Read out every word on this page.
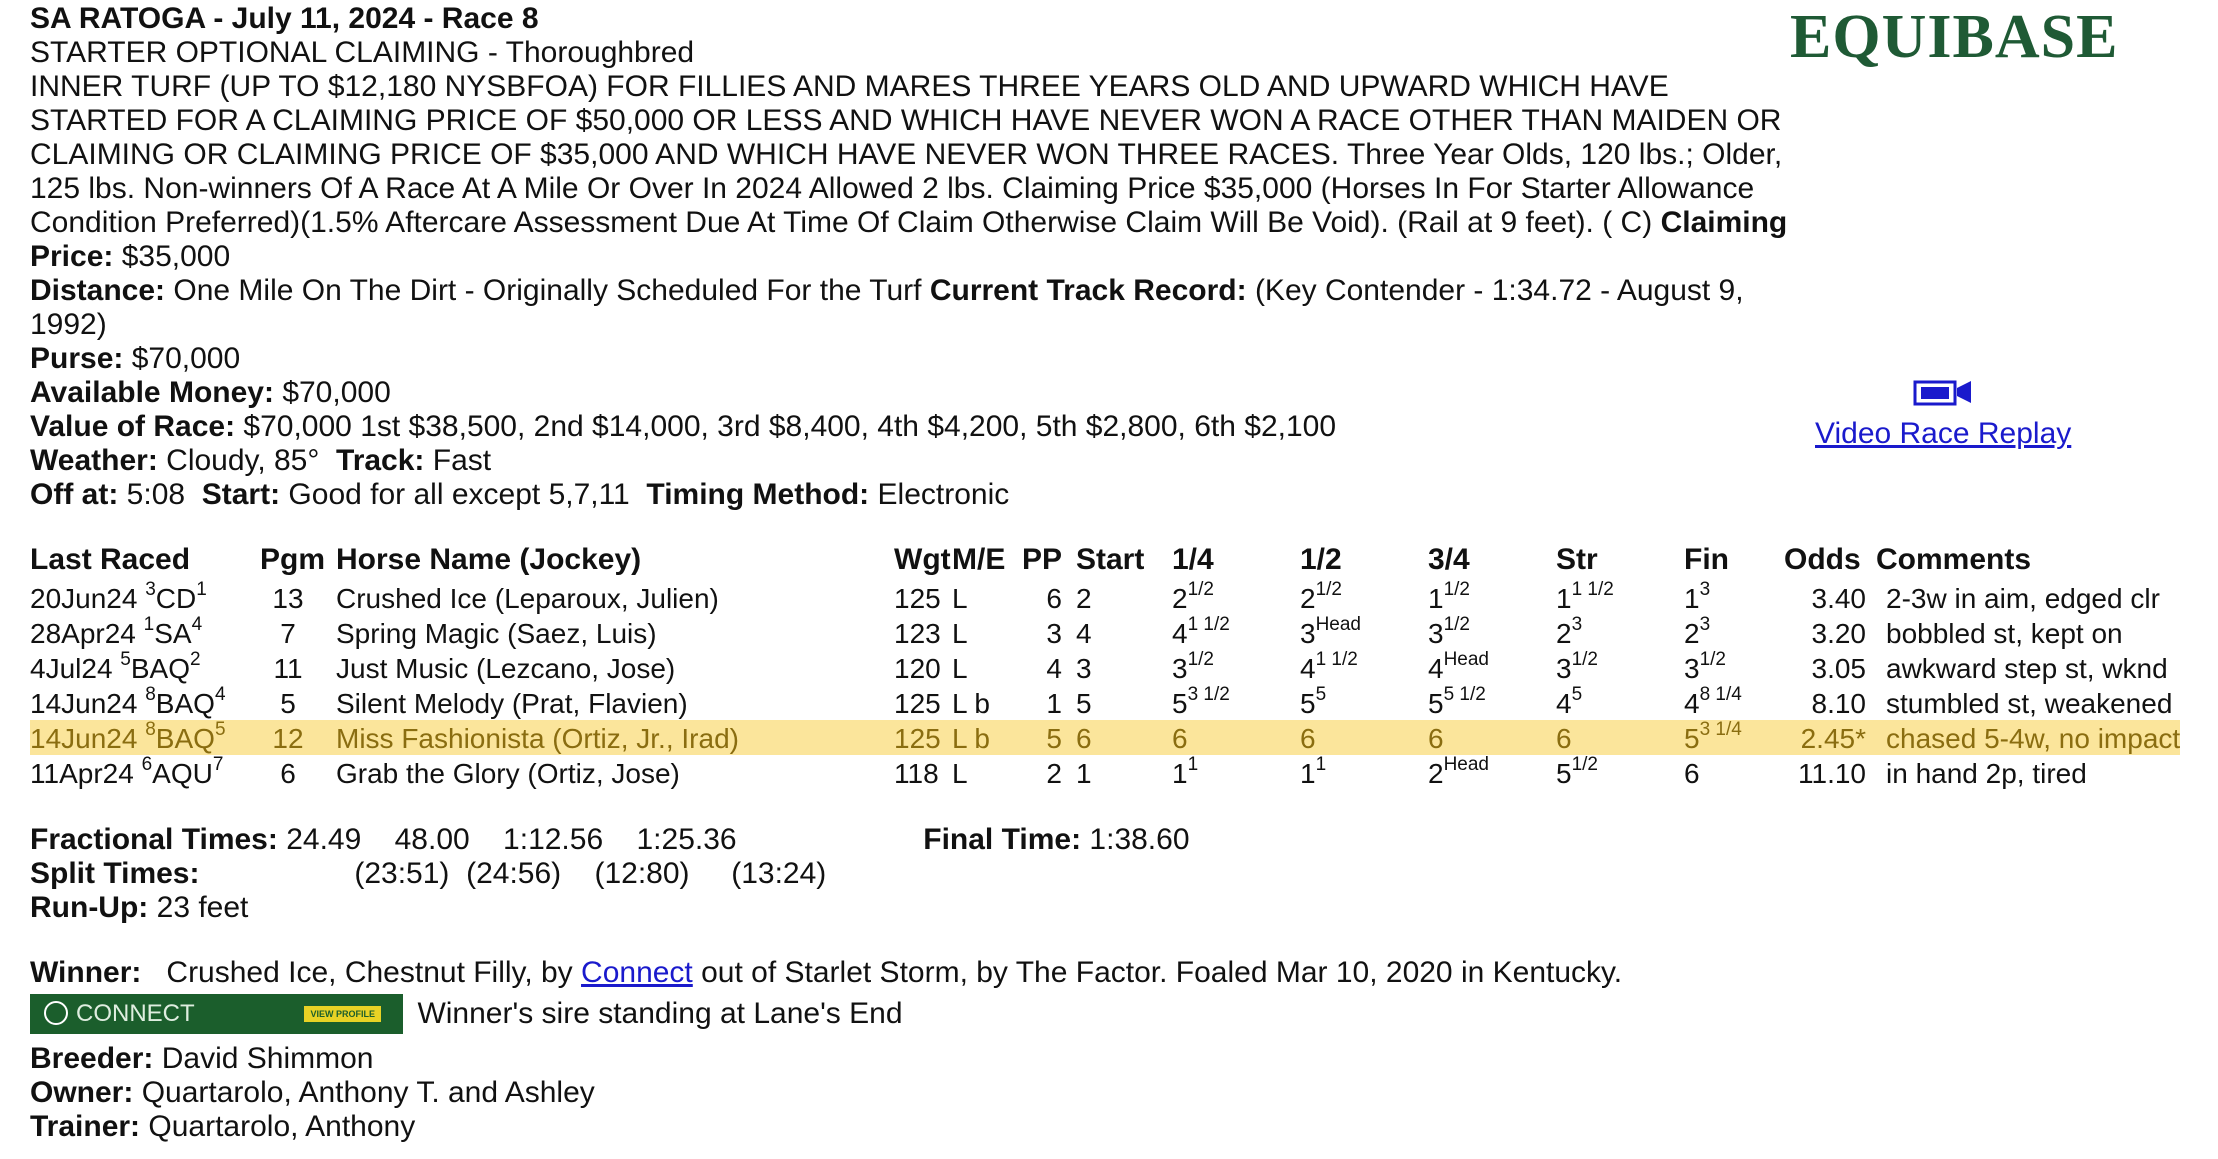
EQUIBASE
SA RATOGA - July 11, 2024 - Race 8
STARTER OPTIONAL CLAIMING - Thoroughbred
INNER TURF (UP TO $12,180 NYSBFOA) FOR FILLIES AND MARES THREE YEARS OLD AND UPWARD WHICH HAVE STARTED FOR A CLAIMING PRICE OF $50,000 OR LESS AND WHICH HAVE NEVER WON A RACE OTHER THAN MAIDEN OR CLAIMING OR CLAIMING PRICE OF $35,000 AND WHICH HAVE NEVER WON THREE RACES. Three Year Olds, 120 lbs.; Older, 125 lbs. Non-winners Of A Race At A Mile Or Over In 2024 Allowed 2 lbs. Claiming Price $35,000 (Horses In For Starter Allowance Condition Preferred)(1.5% Aftercare Assessment Due At Time Of Claim Otherwise Claim Will Be Void). (Rail at 9 feet). ( C) Claiming Price: $35,000
Distance: One Mile On The Dirt - Originally Scheduled For the Turf Current Track Record: (Key Contender - 1:34.72 - August 9,
1992)
Purse: $70,000
Available Money: $70,000
Value of Race: $70,000 1st $38,500, 2nd $14,000, 3rd $8,400, 4th $4,200, 5th $2,800, 6th $2,100
Weather: Cloudy, 85° Track: Fast
Off at: 5:08 Start: Good for all except 5,7,11 Timing Method: Electronic

Video Race Replay
Last Raced	Pgm	Horse Name (Jockey)	Wgt	M/E	PP	Start	1/4	1/2	3/4	Str	Fin	Odds	Comments
20Jun24 $^3CD^1$	13	Crushed Ice (Leparoux, Julien)	125	L	6	2	$2^{1/2}$	$2^{1/2}$	$1^{1/2}$	$1^{1 1/2}$	$1^3$	3.40	2-3w in aim, edged clr
28Apr24 $^1SA^4$	7	Spring Magic (Saez, Luis)	123	L	3	4	$4^{1 1/2}$	$3^{Head}$	$3^{1/2}$	$2^3$	$2^3$	3.20	bobbled st, kept on
4Jul24 $^5$BAQ$^2$	11	Just Music (Lezcano, Jose)	120	L	4	3	$3^{1/2}$	$4^{1 1/2}$	$4^{Head}$	$3^{1/2}$	$3^{1/2}$	3.05	awkward step st, wknd
14Jun24 $^8$BAQ$^4$	5	Silent Melody (Prat, Flavien)	125	L b	1	5	$5^{3 1/2}$	$5^5$	$5^{5 1/2}$	$4^5$	$4^{8 1/4}$	8.10	stumbled st, weakened
14Jun24 $^8$BAQ$^5$	12	Miss Fashionista (Ortiz, Jr., Irad)	125	L b	5	6	6	6	6	6	$5^{3 1/4}$	2.45*	chased 5-4w, no impact
11Apr24 $^6$AQU$^7$	6	Grab the Glory (Ortiz, Jose)	118	L	2	1	$1^1$	$1^1$	$2^{Head}$	$5^{1/2}$	6	11.10	in hand 2p, tired
Fractional Times: 24.49 48.00 1:12.56 1:25.36	Final Time: 1:38.60
Split Times:	(23:51) (24:56) (12:80) (13:24)
Run-Up: 23 feet
Winner: Crushed Ice, Chestnut Filly, by Connect out of Starlet Storm, by The Factor. Foaled Mar 10, 2020 in Kentucky.
CONNECT	VIEW PROFILE Winner's sire standing at Lane's End
Breeder: David Shimmon
Owner: Quartarolo, Anthony T. and Ashley
Trainer: Quartarolo, Anthony
